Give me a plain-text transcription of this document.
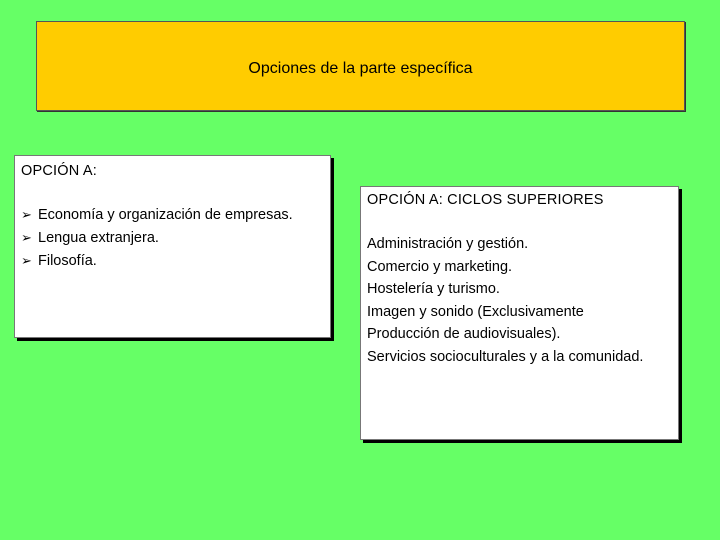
Opciones de la parte específica
OPCIÓN A:
➢ Economía y organización de empresas.
➢ Lengua extranjera.
➢ Filosofía.
OPCIÓN A: CICLOS SUPERIORES
Administración y gestión.
Comercio y marketing.
Hostelería y turismo.
Imagen y sonido (Exclusivamente
Producción de audiovisuales).
Servicios socioculturales y a la comunidad.
